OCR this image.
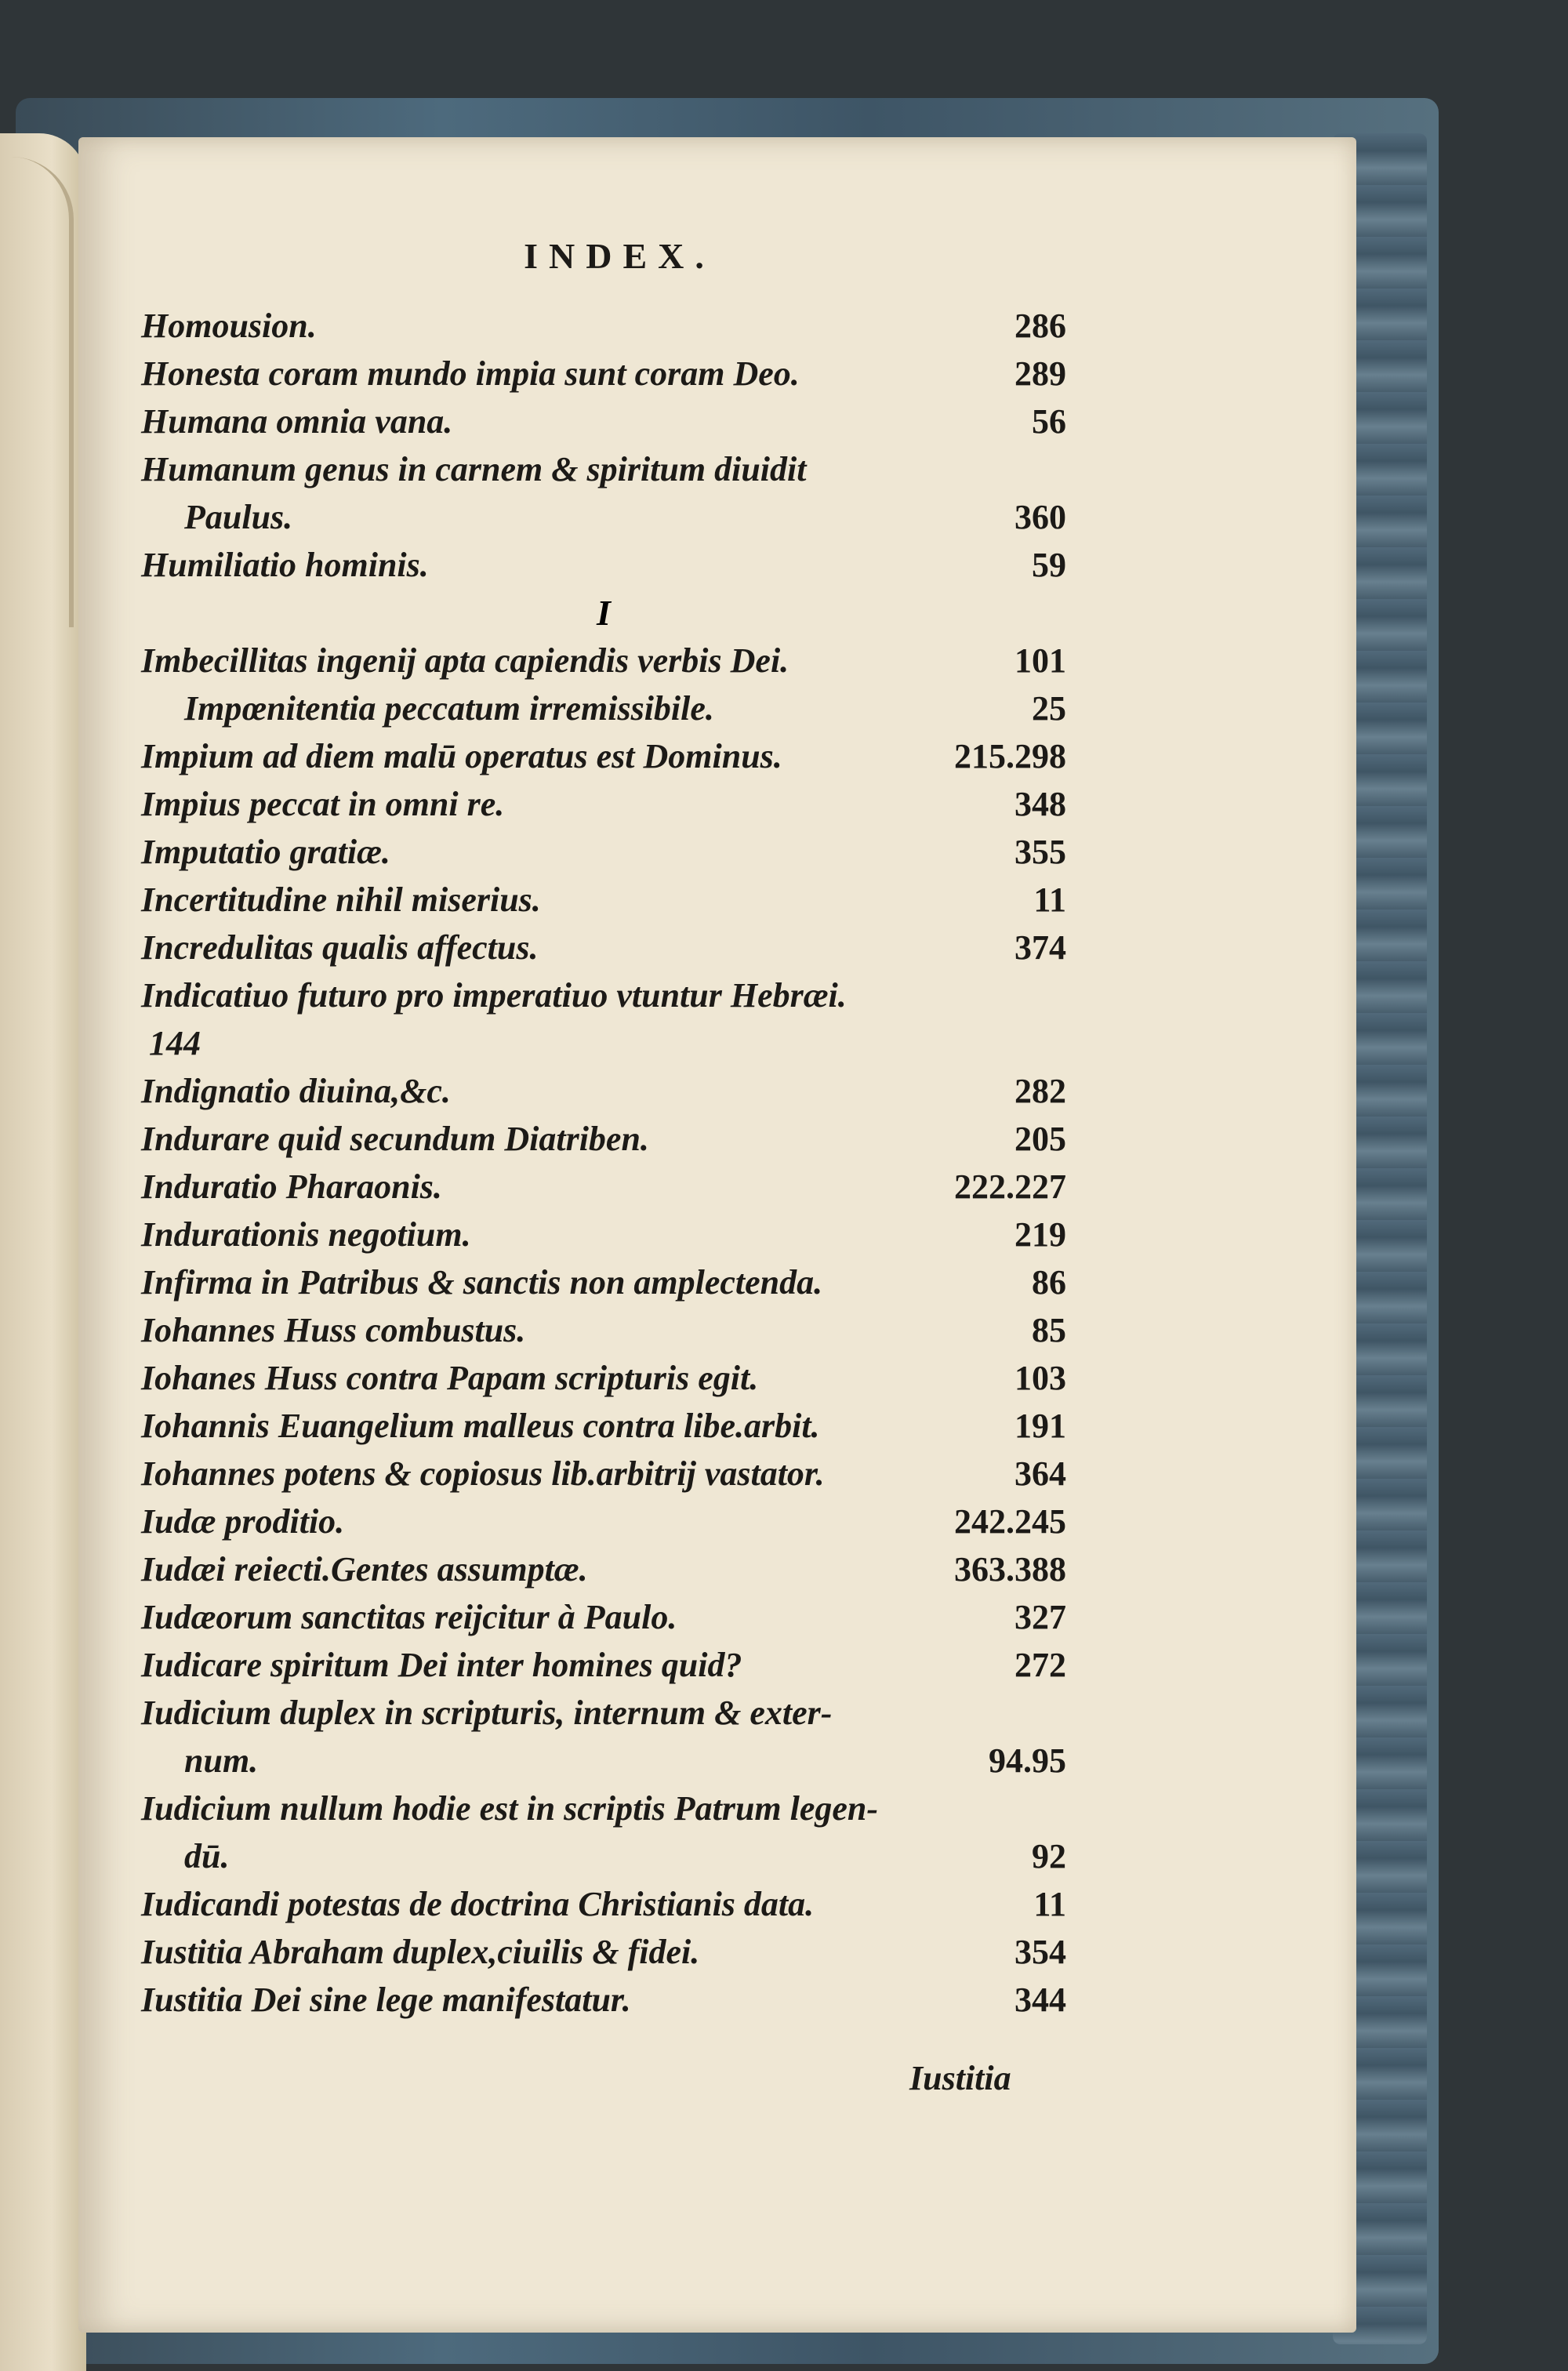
INDEX.
Homousion.	286
Honesta coram mundo impia sunt coram Deo.	289
Humana omnia vana.	56
Humanum genus in carnem & spiritum diuidit
Paulus.	360
Humiliatio hominis.	59
I
Imbecillitas ingenij apta capiendis verbis Dei.	101
Impœnitentia peccatum irremissibile.	25
Impium ad diem malū operatus est Dominus.	215.298
Impius peccat in omni re.	348
Imputatio gratiæ.	355
Incertitudine nihil miserius.	11
Incredulitas qualis affectus.	374
Indicatiuo futuro pro imperatiuo vtuntur Hebræi.
144
Indignatio diuina,&c.	282
Indurare quid secundum Diatriben.	205
Induratio Pharaonis.	222.227
Indurationis negotium.	219
Infirma in Patribus & sanctis non amplectenda.	86
Iohannes Huss combustus.	85
Iohanes Huss contra Papam scripturis egit.	103
Iohannis Euangelium malleus contra libe.arbit.	191
Iohannes potens & copiosus lib.arbitrij vastator.	364
Iudæ proditio.	242.245
Iudæi reiecti.Gentes assumptæ.	363.388
Iudæorum sanctitas reijcitur à Paulo.	327
Iudicare spiritum Dei inter homines quid?	272
Iudicium duplex in scripturis, internum & exter-
num.	94.95
Iudicium nullum hodie est in scriptis Patrum legen-
dū.	92
Iudicandi potestas de doctrina Christianis data.	11
Iustitia Abraham duplex,ciuilis & fidei.	354
Iustitia Dei sine lege manifestatur.	344
Iustitia
